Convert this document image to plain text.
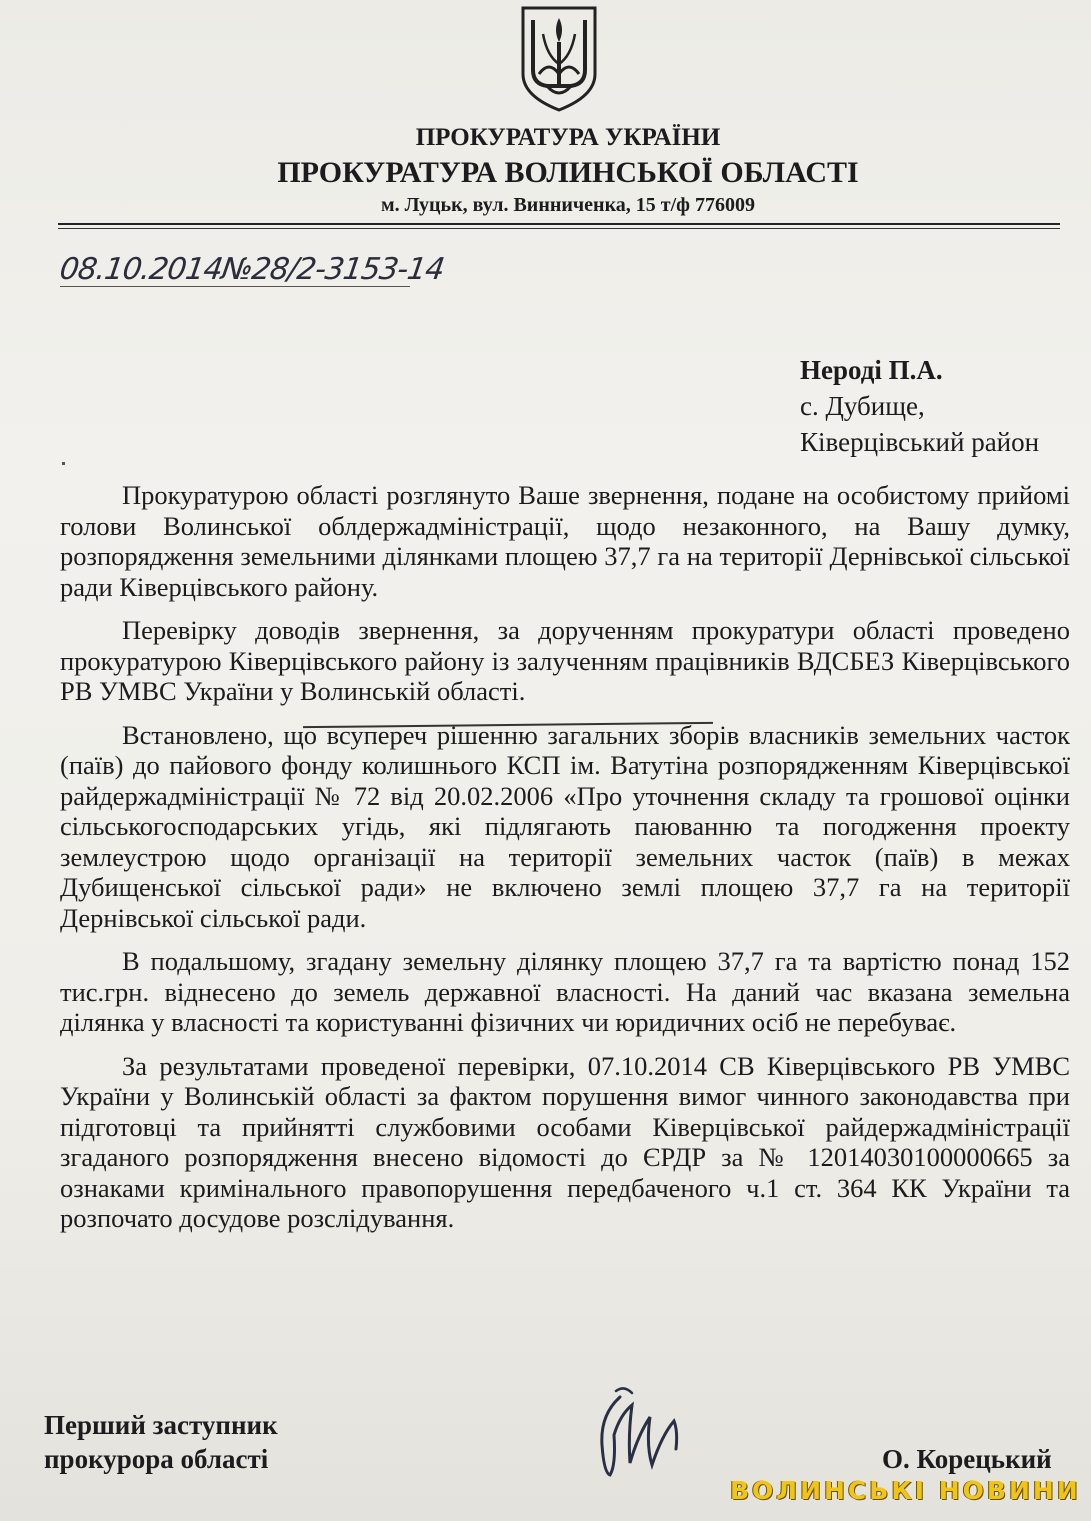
ПРОКУРАТУРА УКРАЇНИ
ПРОКУРАТУРА ВОЛИНСЬКОЇ ОБЛАСТІ
м. Луцьк, вул. Винниченка, 15 т/ф 776009
08.10.2014№28/2-3153-14
Нероді П.А.
с. Дубище,
Ківерцівський район

Прокуратурою області розглянуто Ваше звернення, подане на особистому прийомі голови Волинської облдержадміністрації, щодо незаконного, на Вашу думку, розпорядження земельними ділянками площею 37,7 га на території Дернівської сільської ради Ківерцівського району.

Перевірку доводів звернення, за дорученням прокуратури області проведено прокуратурою Ківерцівського району із залученням працівників ВДСБЕЗ Ківерцівського РВ УМВС України у Волинській області.

Встановлено, що всупереч рішенню загальних зборів власників земельних часток (паїв) до пайового фонду колишнього КСП ім. Ватутіна розпорядженням Ківерцівської райдержадміністрації № 72 від 20.02.2006 «Про уточнення складу та грошової оцінки сільськогосподарських угідь, які підлягають паюванню та погодження проекту землеустрою щодо організації на території земельних часток (паїв) в межах Дубищенської сільської ради» не включено землі площею 37,7 га на території Дернівської сільської ради.

В подальшому, згадану земельну ділянку площею 37,7 га та вартістю понад 152 тис.грн. віднесено до земель державної власності. На даний час вказана земельна ділянка у власності та користуванні фізичних чи юридичних осіб не перебуває.

За результатами проведеної перевірки, 07.10.2014 СВ Ківерцівського РВ УМВС України у Волинській області за фактом порушення вимог чинного законодавства при підготовці та прийнятті службовими особами Ківерцівської райдержадміністрації згаданого розпорядження внесено відомості до ЄРДР за № 12014030100000665 за ознаками кримінального правопорушення передбаченого ч.1 ст. 364 КК України та розпочато досудове розслідування.

Перший заступник
прокурора області	О. Корецький
ВОЛИНСЬКІ НОВИНИ
